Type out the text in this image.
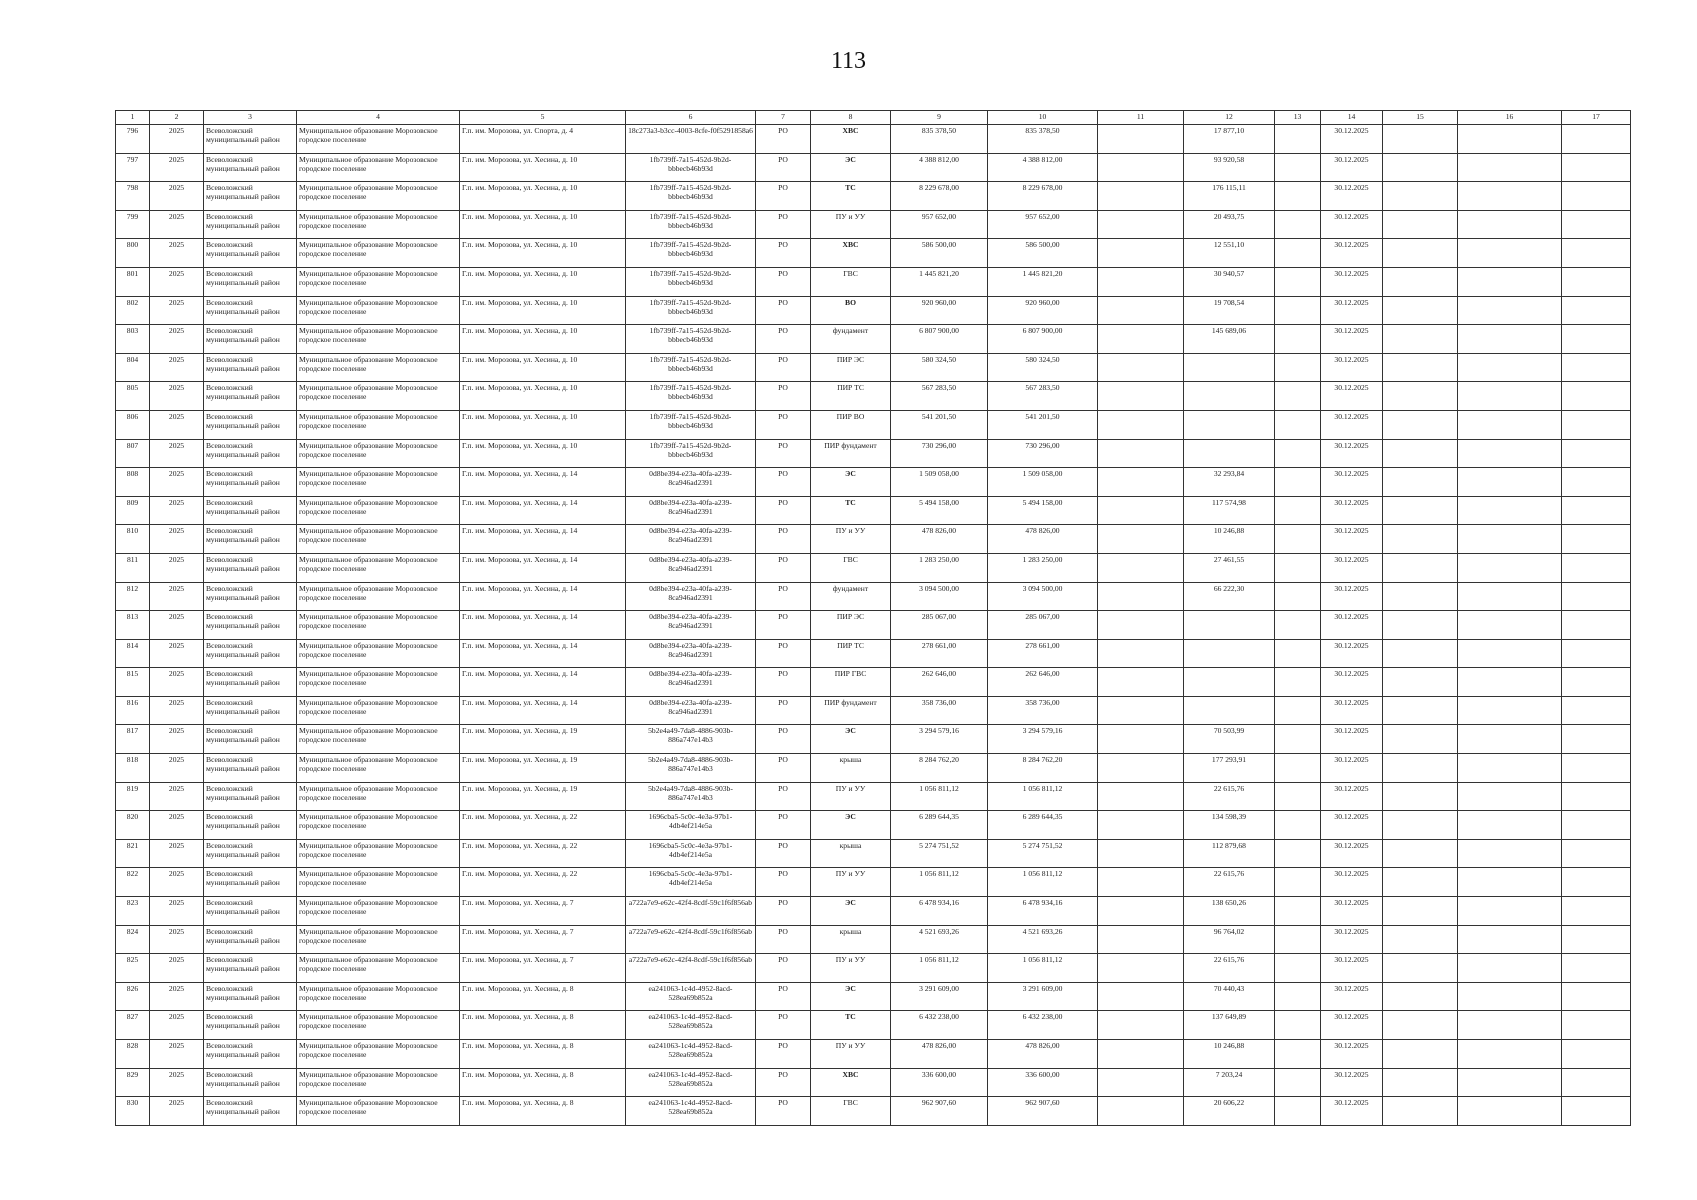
113
1	2	3	4	5	6	7	8	9	10	11	12	13	14	15	16	17
796	2025	Всеволожский муниципальный район	Муниципальное образование Морозовское городское поселение	Г.п. им. Морозова, ул. Спорта, д. 4	18c273a3-b3cc-4003-8cfe-f0f5291858a6	РО	ХВС	835 378,50	835 378,50		17 877,10		30.12.2025			
797	2025	Всеволожский муниципальный район	Муниципальное образование Морозовское городское поселение	Г.п. им. Морозова, ул. Хесина, д. 10	1fb739ff-7a15-452d-9b2d-bbbecb46b93d	РО	ЭС	4 388 812,00	4 388 812,00		93 920,58		30.12.2025			
798	2025	Всеволожский муниципальный район	Муниципальное образование Морозовское городское поселение	Г.п. им. Морозова, ул. Хесина, д. 10	1fb739ff-7a15-452d-9b2d-bbbecb46b93d	РО	ТС	8 229 678,00	8 229 678,00		176 115,11		30.12.2025			
799	2025	Всеволожский муниципальный район	Муниципальное образование Морозовское городское поселение	Г.п. им. Морозова, ул. Хесина, д. 10	1fb739ff-7a15-452d-9b2d-bbbecb46b93d	РО	ПУ и УУ	957 652,00	957 652,00		20 493,75		30.12.2025			
800	2025	Всеволожский муниципальный район	Муниципальное образование Морозовское городское поселение	Г.п. им. Морозова, ул. Хесина, д. 10	1fb739ff-7a15-452d-9b2d-bbbecb46b93d	РО	ХВС	586 500,00	586 500,00		12 551,10		30.12.2025			
801	2025	Всеволожский муниципальный район	Муниципальное образование Морозовское городское поселение	Г.п. им. Морозова, ул. Хесина, д. 10	1fb739ff-7a15-452d-9b2d-bbbecb46b93d	РО	ГВС	1 445 821,20	1 445 821,20		30 940,57		30.12.2025			
802	2025	Всеволожский муниципальный район	Муниципальное образование Морозовское городское поселение	Г.п. им. Морозова, ул. Хесина, д. 10	1fb739ff-7a15-452d-9b2d-bbbecb46b93d	РО	ВО	920 960,00	920 960,00		19 708,54		30.12.2025			
803	2025	Всеволожский муниципальный район	Муниципальное образование Морозовское городское поселение	Г.п. им. Морозова, ул. Хесина, д. 10	1fb739ff-7a15-452d-9b2d-bbbecb46b93d	РО	фундамент	6 807 900,00	6 807 900,00		145 689,06		30.12.2025			
804	2025	Всеволожский муниципальный район	Муниципальное образование Морозовское городское поселение	Г.п. им. Морозова, ул. Хесина, д. 10	1fb739ff-7a15-452d-9b2d-bbbecb46b93d	РО	ПИР ЭС	580 324,50	580 324,50				30.12.2025			
805	2025	Всеволожский муниципальный район	Муниципальное образование Морозовское городское поселение	Г.п. им. Морозова, ул. Хесина, д. 10	1fb739ff-7a15-452d-9b2d-bbbecb46b93d	РО	ПИР ТС	567 283,50	567 283,50				30.12.2025			
806	2025	Всеволожский муниципальный район	Муниципальное образование Морозовское городское поселение	Г.п. им. Морозова, ул. Хесина, д. 10	1fb739ff-7a15-452d-9b2d-bbbecb46b93d	РО	ПИР ВО	541 201,50	541 201,50				30.12.2025			
807	2025	Всеволожский муниципальный район	Муниципальное образование Морозовское городское поселение	Г.п. им. Морозова, ул. Хесина, д. 10	1fb739ff-7a15-452d-9b2d-bbbecb46b93d	РО	ПИР фундамент	730 296,00	730 296,00				30.12.2025			
808	2025	Всеволожский муниципальный район	Муниципальное образование Морозовское городское поселение	Г.п. им. Морозова, ул. Хесина, д. 14	0d8be394-e23a-40fa-a239-8ca946ad2391	РО	ЭС	1 509 058,00	1 509 058,00		32 293,84		30.12.2025			
809	2025	Всеволожский муниципальный район	Муниципальное образование Морозовское городское поселение	Г.п. им. Морозова, ул. Хесина, д. 14	0d8be394-e23a-40fa-a239-8ca946ad2391	РО	ТС	5 494 158,00	5 494 158,00		117 574,98		30.12.2025			
810	2025	Всеволожский муниципальный район	Муниципальное образование Морозовское городское поселение	Г.п. им. Морозова, ул. Хесина, д. 14	0d8be394-e23a-40fa-a239-8ca946ad2391	РО	ПУ и УУ	478 826,00	478 826,00		10 246,88		30.12.2025			
811	2025	Всеволожский муниципальный район	Муниципальное образование Морозовское городское поселение	Г.п. им. Морозова, ул. Хесина, д. 14	0d8be394-e23a-40fa-a239-8ca946ad2391	РО	ГВС	1 283 250,00	1 283 250,00		27 461,55		30.12.2025			
812	2025	Всеволожский муниципальный район	Муниципальное образование Морозовское городское поселение	Г.п. им. Морозова, ул. Хесина, д. 14	0d8be394-e23a-40fa-a239-8ca946ad2391	РО	фундамент	3 094 500,00	3 094 500,00		66 222,30		30.12.2025			
813	2025	Всеволожский муниципальный район	Муниципальное образование Морозовское городское поселение	Г.п. им. Морозова, ул. Хесина, д. 14	0d8be394-e23a-40fa-a239-8ca946ad2391	РО	ПИР ЭС	285 067,00	285 067,00				30.12.2025			
814	2025	Всеволожский муниципальный район	Муниципальное образование Морозовское городское поселение	Г.п. им. Морозова, ул. Хесина, д. 14	0d8be394-e23a-40fa-a239-8ca946ad2391	РО	ПИР ТС	278 661,00	278 661,00				30.12.2025			
815	2025	Всеволожский муниципальный район	Муниципальное образование Морозовское городское поселение	Г.п. им. Морозова, ул. Хесина, д. 14	0d8be394-e23a-40fa-a239-8ca946ad2391	РО	ПИР ГВС	262 646,00	262 646,00				30.12.2025			
816	2025	Всеволожский муниципальный район	Муниципальное образование Морозовское городское поселение	Г.п. им. Морозова, ул. Хесина, д. 14	0d8be394-e23a-40fa-a239-8ca946ad2391	РО	ПИР фундамент	358 736,00	358 736,00				30.12.2025			
817	2025	Всеволожский муниципальный район	Муниципальное образование Морозовское городское поселение	Г.п. им. Морозова, ул. Хесина, д. 19	5b2e4a49-7da8-4886-903b-886a747e14b3	РО	ЭС	3 294 579,16	3 294 579,16		70 503,99		30.12.2025			
818	2025	Всеволожский муниципальный район	Муниципальное образование Морозовское городское поселение	Г.п. им. Морозова, ул. Хесина, д. 19	5b2e4a49-7da8-4886-903b-886a747e14b3	РО	крыша	8 284 762,20	8 284 762,20		177 293,91		30.12.2025			
819	2025	Всеволожский муниципальный район	Муниципальное образование Морозовское городское поселение	Г.п. им. Морозова, ул. Хесина, д. 19	5b2e4a49-7da8-4886-903b-886a747e14b3	РО	ПУ и УУ	1 056 811,12	1 056 811,12		22 615,76		30.12.2025			
820	2025	Всеволожский муниципальный район	Муниципальное образование Морозовское городское поселение	Г.п. им. Морозова, ул. Хесина, д. 22	1696cba5-5c0c-4e3a-97b1-4db4ef214e5a	РО	ЭС	6 289 644,35	6 289 644,35		134 598,39		30.12.2025			
821	2025	Всеволожский муниципальный район	Муниципальное образование Морозовское городское поселение	Г.п. им. Морозова, ул. Хесина, д. 22	1696cba5-5c0c-4e3a-97b1-4db4ef214e5a	РО	крыша	5 274 751,52	5 274 751,52		112 879,68		30.12.2025			
822	2025	Всеволожский муниципальный район	Муниципальное образование Морозовское городское поселение	Г.п. им. Морозова, ул. Хесина, д. 22	1696cba5-5c0c-4e3a-97b1-4db4ef214e5a	РО	ПУ и УУ	1 056 811,12	1 056 811,12		22 615,76		30.12.2025			
823	2025	Всеволожский муниципальный район	Муниципальное образование Морозовское городское поселение	Г.п. им. Морозова, ул. Хесина, д. 7	a722a7e9-e62c-42f4-8cdf-59c1f6f856ab	РО	ЭС	6 478 934,16	6 478 934,16		138 650,26		30.12.2025			
824	2025	Всеволожский муниципальный район	Муниципальное образование Морозовское городское поселение	Г.п. им. Морозова, ул. Хесина, д. 7	a722a7e9-e62c-42f4-8cdf-59c1f6f856ab	РО	крыша	4 521 693,26	4 521 693,26		96 764,02		30.12.2025			
825	2025	Всеволожский муниципальный район	Муниципальное образование Морозовское городское поселение	Г.п. им. Морозова, ул. Хесина, д. 7	a722a7e9-e62c-42f4-8cdf-59c1f6f856ab	РО	ПУ и УУ	1 056 811,12	1 056 811,12		22 615,76		30.12.2025			
826	2025	Всеволожский муниципальный район	Муниципальное образование Морозовское городское поселение	Г.п. им. Морозова, ул. Хесина, д. 8	ea241063-1c4d-4952-8acd-528ea69b852a	РО	ЭС	3 291 609,00	3 291 609,00		70 440,43		30.12.2025			
827	2025	Всеволожский муниципальный район	Муниципальное образование Морозовское городское поселение	Г.п. им. Морозова, ул. Хесина, д. 8	ea241063-1c4d-4952-8acd-528ea69b852a	РО	ТС	6 432 238,00	6 432 238,00		137 649,89		30.12.2025			
828	2025	Всеволожский муниципальный район	Муниципальное образование Морозовское городское поселение	Г.п. им. Морозова, ул. Хесина, д. 8	ea241063-1c4d-4952-8acd-528ea69b852a	РО	ПУ и УУ	478 826,00	478 826,00		10 246,88		30.12.2025			
829	2025	Всеволожский муниципальный район	Муниципальное образование Морозовское городское поселение	Г.п. им. Морозова, ул. Хесина, д. 8	ea241063-1c4d-4952-8acd-528ea69b852a	РО	ХВС	336 600,00	336 600,00		7 203,24		30.12.2025			
830	2025	Всеволожский муниципальный район	Муниципальное образование Морозовское городское поселение	Г.п. им. Морозова, ул. Хесина, д. 8	ea241063-1c4d-4952-8acd-528ea69b852a	РО	ГВС	962 907,60	962 907,60		20 606,22		30.12.2025			
